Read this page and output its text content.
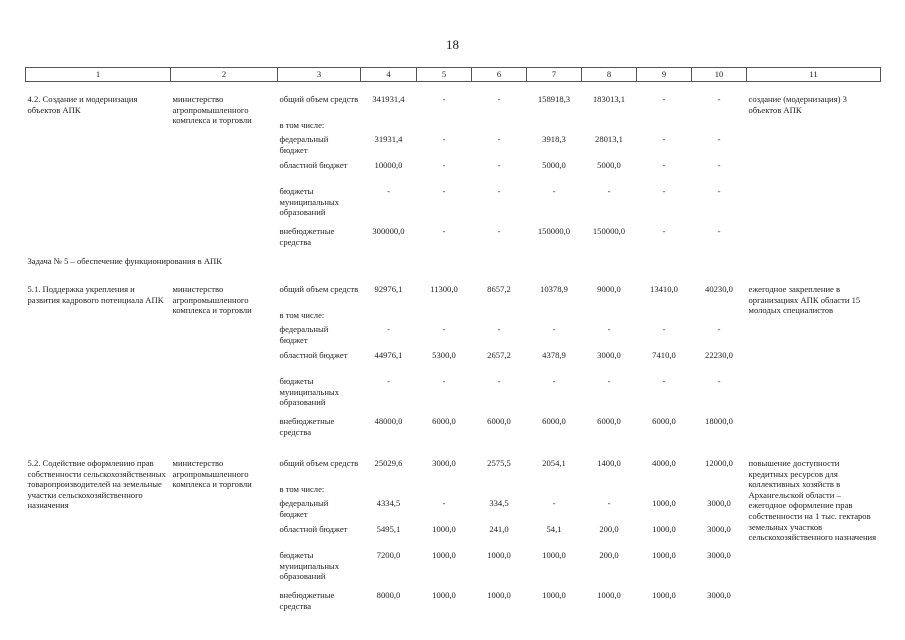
18
1	2	3	4	5	6	7	8	9	10	11

4.2. Создание и модернизация объектов АПК	министерство агропромышленного комплекса и торговли	общий объем средств	341931,4	-	-	158918,3	183013,1	-	-	создание (модернизация) 3 объектов АПК
		в том числе:								
		федеральный бюджет	31931,4	-	-	3918,3	28013,1	-	-	
		областной бюджет	10000,0	-	-	5000,0	5000,0	-	-	
		бюджеты муниципальных образований	-	-	-	-	-	-	-	
		внебюджетные средства	300000,0	-	-	150000,0	150000,0	-	-	
Задача № 5 – обеспечение функционирования в АПК										

5.1. Поддержка укрепления и развития кадрового потенциала АПК	министерство агропромышленного комплекса и торговли	общий объем средств	92976,1	11300,0	8657,2	10378,9	9000,0	13410,0	40230,0	ежегодное закрепление в организациях АПК области 15 молодых специалистов
		в том числе:								
		федеральный бюджет	-	-	-	-	-	-	-	
		областной бюджет	44976,1	5300,0	2657,2	4378,9	3000,0	7410,0	22230,0	
		бюджеты муниципальных образований	-	-	-	-	-	-	-	
		внебюджетные средства	48000,0	6000,0	6000,0	6000,0	6000,0	6000,0	18000,0	

5.2. Содействие оформлению прав собственности сельскохозяйственных товаропроизводителей на земельные участки сельскохозяйственного назначения	министерство агропромышленного комплекса и торговли	общий объем средств	25029,6	3000,0	2575,5	2054,1	1400,0	4000,0	12000,0	повышение доступности кредитных ресурсов для коллективных хозяйств в Архангельской области – ежегодное оформление прав собственности на 1 тыс. гектаров земельных участков сельскохозяйственного назначения
		в том числе:								
		федеральный бюджет	4334,5	-	334,5	-	-	1000,0	3000,0	
		областной бюджет	5495,1	1000,0	241,0	54,1	200,0	1000,0	3000,0	
		бюджеты муниципальных образований	7200,0	1000,0	1000,0	1000,0	200,0	1000,0	3000,0	
		внебюджетные средства	8000,0	1000,0	1000,0	1000,0	1000,0	1000,0	3000,0	
